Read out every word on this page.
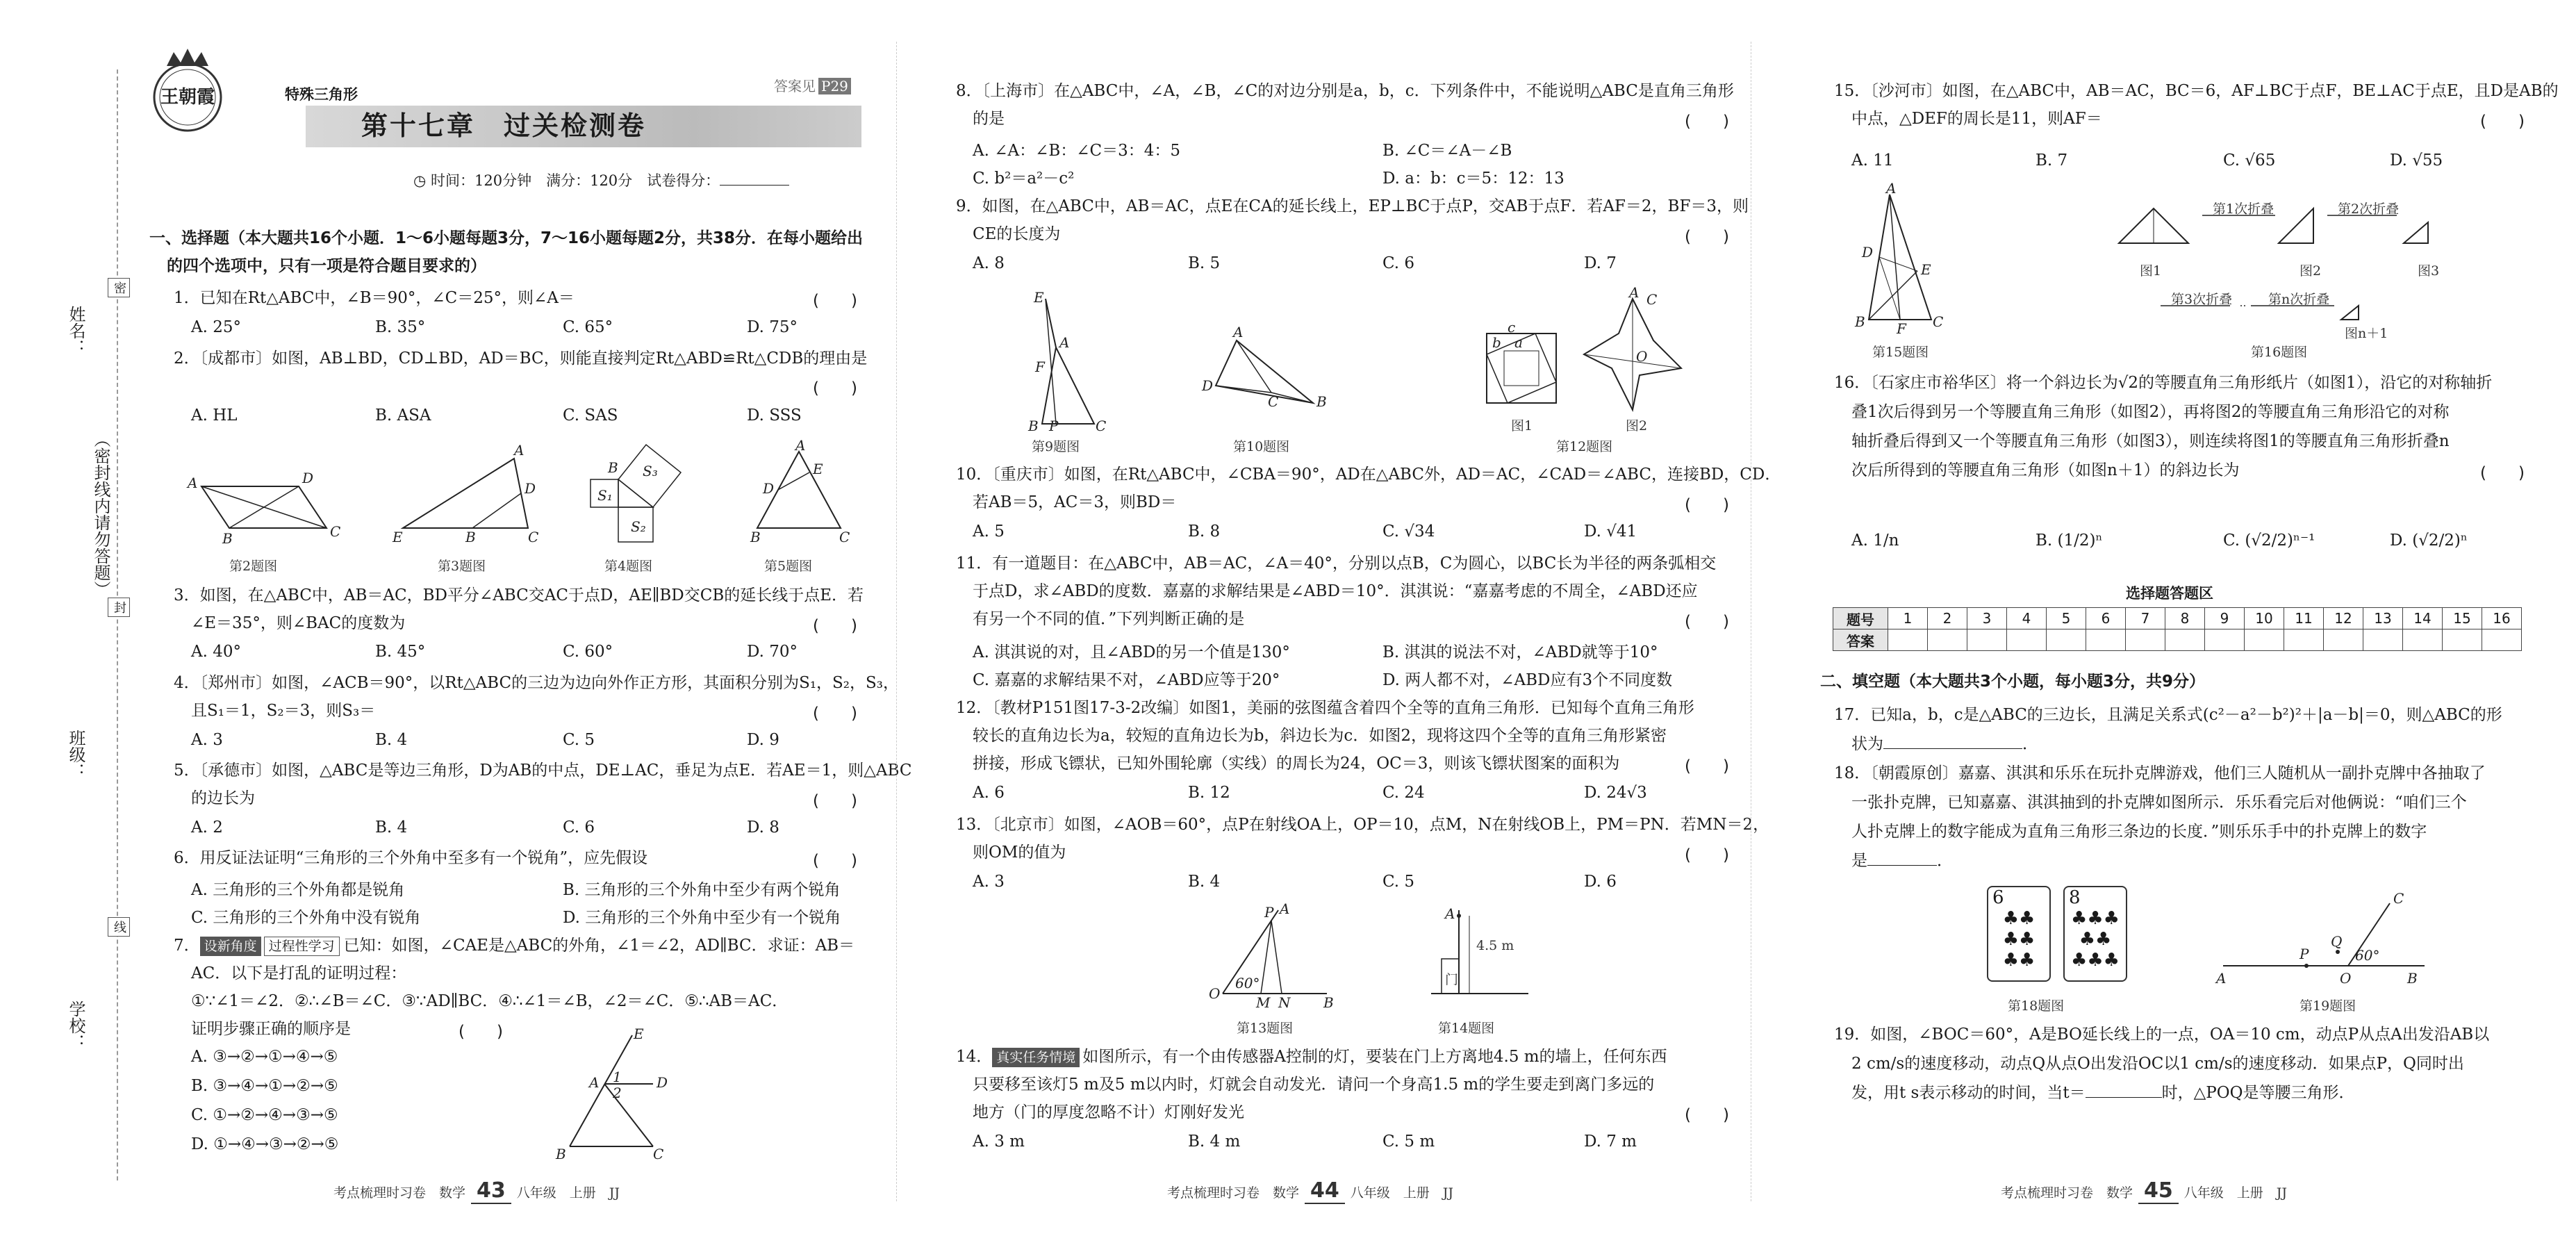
姓名：
班级：
学校：
密
封
线
（密封线内请勿答题）
王朝霞	特殊三角形	答案见 P29
第十七章　过关检测卷
◷ 时间：120分钟　满分：120分　试卷得分：
一、选择题（本大题共16个小题．1～6小题每题3分，7～16小题每题2分，共38分．在每小题给出
的四个选项中，只有一项是符合题目要求的）
1．已知在Rt△ABC中，∠B＝90°，∠C＝25°，则∠A＝	(　　)
A. 25°	B. 35°	C. 65°	D. 75°
2．〔成都市〕如图，AB⊥BD，CD⊥BD，AD＝BC，则能直接判定Rt△ABD≌Rt△CDB的理由是
(　　)
A. HL	B. ASA	C. SAS	D. SSS
A	D
B	C
A
D
E	B	C
B
S₁
S₂
S₃
A
D
E
B	C
第2题图	第3题图	第4题图	第5题图
3．如图，在△ABC中，AB＝AC，BD平分∠ABC交AC于点D，AE∥BD交CB的延长线于点E．若
∠E＝35°，则∠BAC的度数为	(　　)
A. 40°	B. 45°	C. 60°	D. 70°
4．〔郑州市〕如图，∠ACB＝90°，以Rt△ABC的三边为边向外作正方形，其面积分别为S₁，S₂，S₃，
且S₁＝1，S₂＝3，则S₃＝	(　　)
A. 3	B. 4	C. 5	D. 9
5．〔承德市〕如图，△ABC是等边三角形，D为AB的中点，DE⊥AC，垂足为点E．若AE＝1，则△ABC
的边长为	(　　)
A. 2	B. 4	C. 6	D. 8
6．用反证法证明“三角形的三个外角中至多有一个锐角”，应先假设	(　　)
A. 三角形的三个外角都是锐角	B. 三角形的三个外角中至少有两个锐角
C. 三角形的三个外角中没有锐角	D. 三角形的三个外角中至少有一个锐角
7． 设新角度 过程性学习 已知：如图，∠CAE是△ABC的外角，∠1＝∠2，AD∥BC．求证：AB＝
AC．以下是打乱的证明过程：
①∵∠1＝∠2．②∴∠B＝∠C．③∵AD∥BC．④∴∠1＝∠B，∠2＝∠C．⑤∴AB＝AC．
证明步骤正确的顺序是	(　　)
A. ③→②→①→④→⑤
B. ③→④→①→②→⑤
C. ①→②→④→③→⑤
D. ①→④→③→②→⑤
E
A	D
1
2
B	C
考点梳理时习卷　数学 43 八年级　上册　JJ
8．〔上海市〕在△ABC中，∠A，∠B，∠C的对边分别是a，b，c．下列条件中，不能说明△ABC是直角三角形
的是	(　　)
A. ∠A：∠B：∠C＝3：4：5	B. ∠C＝∠A－∠B
C. b²＝a²－c²	D. a：b：c＝5：12：13
9．如图，在△ABC中，AB＝AC，点E在CA的延长线上，EP⊥BC于点P，交AB于点F．若AF＝2，BF＝3，则
CE的长度为	(　　)
A. 8	B. 5	C. 6	D. 7
E
A
F
B P	C
A
D
C	B
c
b a
A C
O
第9题图	第10题图
图1	图2
第12题图
10．〔重庆市〕如图，在Rt△ABC中，∠CBA＝90°，AD在△ABC外，AD＝AC，∠CAD＝∠ABC，连接BD，CD．
若AB＝5，AC＝3，则BD＝	(　　)
A. 5	B. 8	C. √34	D. √41
11．有一道题目：在△ABC中，AB＝AC，∠A＝40°，分别以点B，C为圆心，以BC长为半径的两条弧相交
于点D，求∠ABD的度数．嘉嘉的求解结果是∠ABD＝10°．淇淇说：“嘉嘉考虑的不周全，∠ABD还应
有另一个不同的值．”下列判断正确的是	(　　)
A. 淇淇说的对，且∠ABD的另一个值是130°	B. 淇淇的说法不对，∠ABD就等于10°
C. 嘉嘉的求解结果不对，∠ABD应等于20°	D. 两人都不对，∠ABD应有3个不同度数
12．〔教材P151图17-3-2改编〕如图1，美丽的弦图蕴含着四个全等的直角三角形．已知每个直角三角形
较长的直角边长为a，较短的直角边长为b，斜边长为c．如图2，现将这四个全等的直角三角形紧密
拼接，形成飞镖状，已知外围轮廓（实线）的周长为24，OC＝3，则该飞镖状图案的面积为	(　　)
A. 6	B. 12	C. 24	D. 24√3
13．〔北京市〕如图，∠AOB＝60°，点P在射线OA上，OP＝10，点M，N在射线OB上，PM＝PN．若MN＝2，
则OM的值为	(　　)
A. 3	B. 4	C. 5	D. 6
P A
O
60°
M N B
A
4.5 m
门
第13题图	第14题图
14． 真实任务情境 如图所示，有一个由传感器A控制的灯，要装在门上方离地4.5 m的墙上，任何东西
只要移至该灯5 m及5 m以内时，灯就会自动发光．请问一个身高1.5 m的学生要走到离门多远的
地方（门的厚度忽略不计）灯刚好发光	(　　)
A. 3 m	B. 4 m	C. 5 m	D. 7 m
考点梳理时习卷　数学 44 八年级　上册　JJ
15．〔沙河市〕如图，在△ABC中，AB＝AC，BC＝6，AF⊥BC于点F，BE⊥AC于点E，且D是AB的
中点，△DEF的周长是11，则AF＝	(　　)
A. 11	B. 7	C. √65	D. √55
A
D
E
B F C
第1次折叠	第2次折叠
第3次折叠	第n次折叠
图1	图2	图3
图n＋1
第15题图	第16题图
16．〔石家庄市裕华区〕将一个斜边长为√2的等腰直角三角形纸片（如图1），沿它的对称轴折
叠1次后得到另一个等腰直角三角形（如图2），再将图2的等腰直角三角形沿它的对称
轴折叠后得到又一个等腰直角三角形（如图3），则连续将图1的等腰直角三角形折叠n
次后所得到的等腰直角三角形（如图n＋1）的斜边长为	(　　)
A. 1/n	B. (1/2)ⁿ	C. (√2/2)ⁿ⁻¹	D. (√2/2)ⁿ
选择题答题区
题号	1	2	3	4	5	6	7	8	9	10	11	12	13	14	15	16
答案																
二、填空题（本大题共3个小题，每小题3分，共9分）
17．已知a，b，c是△ABC的三边长，且满足关系式(c²－a²－b²)²＋|a－b|＝0，则△ABC的形
状为	．
18．〔朝霞原创〕嘉嘉、淇淇和乐乐在玩扑克牌游戏，他们三人随机从一副扑克牌中各抽取了
一张扑克牌，已知嘉嘉、淇淇抽到的扑克牌如图所示．乐乐看完后对他俩说：“咱们三个
人扑克牌上的数字能成为直角三角形三条边的长度．”则乐乐手中的扑克牌上的数字
是	．
6
♣♣
♣♣
♣♣
8
♣♣♣
♣♣
♣♣♣
A
P
O
Q
60°
C
B
第18题图	第19题图
19．如图，∠BOC＝60°，A是BO延长线上的一点，OA＝10 cm，动点P从点A出发沿AB以
2 cm/s的速度移动，动点Q从点O出发沿OC以1 cm/s的速度移动．如果点P，Q同时出
发，用t s表示移动的时间，当t＝	时，△POQ是等腰三角形．
考点梳理时习卷　数学 45 八年级　上册　JJ
